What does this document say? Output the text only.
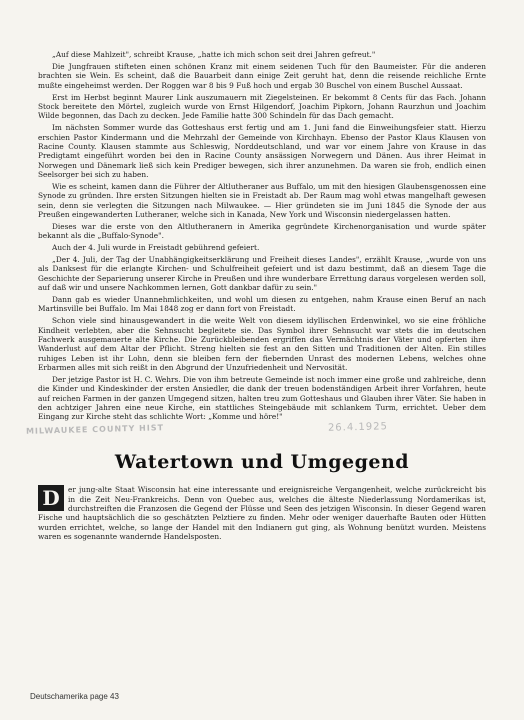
„Auf diese Mahlzeit", schreibt Krause, „hatte ich mich schon seit drei Jahren gefreut."

Die Jungfrauen stifteten einen schönen Kranz mit einem seidenen Tuch für den Baumeister. Für die anderen brachten sie Wein. Es scheint, daß die Bauarbeit dann einige Zeit geruht hat, denn die reisende reichliche Ernte mußte eingeheimst werden. Der Roggen war 8 bis 9 Fuß hoch und ergab 30 Buschel von einem Buschel Aussaat.

Erst im Herbst beginnt Maurer Link auszumauern mit Ziegelsteinen. Er bekommt 8 Cents für das Fach. Johann Stock bereitete den Mörtel, zugleich wurde von Ernst Hilgendorf, Joachim Pipkorn, Johann Raurzhun und Joachim Wilde begonnen, das Dach zu decken. Jede Familie hatte 300 Schindeln für das Dach gemacht.

Im nächsten Sommer wurde das Gotteshaus erst fertig und am 1. Juni fand die Einweihungsfeier statt. Hierzu erschien Pastor Kindermann und die Mehrzahl der Gemeinde von Kirchhayn. Ebenso der Pastor Klaus Klausen von Racine County. Klausen stammte aus Schleswig, Norddeutschland, und war vor einem Jahre von Krause in das Predigtamt eingeführt worden bei den in Racine County ansässigen Norwegern und Dänen. Aus ihrer Heimat in Norwegen und Dänemark ließ sich kein Prediger bewegen, sich ihrer anzunehmen. Da waren sie froh, endlich einen Seelsorger bei sich zu haben.

Wie es scheint, kamen dann die Führer der Altlutheraner aus Buffalo, um mit den hiesigen Glaubensgenossen eine Synode zu gründen. Ihre ersten Sitzungen hielten sie in Freistadt ab. Der Raum mag wohl etwas mangelhaft gewesen sein, denn sie verlegten die Sitzungen nach Milwaukee. — Hier gründeten sie im Juni 1845 die Synode der aus Preußen eingewanderten Lutheraner, welche sich in Kanada, New York und Wisconsin niedergelassen hatten.

Dieses war die erste von den Altlutheranern in Amerika gegründete Kirchenorganisation und wurde später bekannt als die „Buffalo-Synode".

Auch der 4. Juli wurde in Freistadt gebührend gefeiert.

„Der 4. Juli, der Tag der Unabhängigkeitserklärung und Freiheit dieses Landes", erzählt Krause, „wurde von uns als Danksest für die erlangte Kirchen- und Schulfreiheit gefeiert und ist dazu bestimmt, daß an diesem Tage die Geschichte der Separierung unserer Kirche in Preußen und ihre wunderbare Errettung daraus vorgelesen werden soll, auf daß wir und unsere Nachkommen lernen, Gott dankbar dafür zu sein."

Dann gab es wieder Unannehmlichkeiten, und wohl um diesen zu entgehen, nahm Krause einen Beruf an nach Martinsville bei Buffalo. Im Mai 1848 zog er dann fort von Freistadt.

Schon viele sind hinausgewandert in die weite Welt von diesem idyllischen Erdenwinkel, wo sie eine fröhliche Kindheit verlebten, aber die Sehnsucht begleitete sie. Das Symbol ihrer Sehnsucht war stets die im deutschen Fachwerk ausgemauerte alte Kirche. Die Zurückbleibenden ergriffen das Vermächtnis der Väter und opferten ihre Wanderlust auf dem Altar der Pflicht. Streng hielten sie fest an den Sitten und Traditionen der Alten. Ein stilles ruhiges Leben ist ihr Lohn, denn sie bleiben fern der fiebernden Unrast des modernen Lebens, welches ohne Erbarmen alles mit sich reißt in den Abgrund der Unzufriedenheit und Nervosität.

Der jetzige Pastor ist H. C. Wehrs. Die von ihm betreute Gemeinde ist noch immer eine große und zahlreiche, denn die Kinder und Kindeskinder der ersten Ansiedler, die dank der treuen bodenständigen Arbeit ihrer Vorfahren, heute auf reichen Farmen in der ganzen Umgegend sitzen, halten treu zum Gotteshaus und Glauben ihrer Väter. Sie haben in den achtziger Jahren eine neue Kirche, ein stattliches Steingebäude mit schlankem Turm, errichtet. Ueber dem Eingang zur Kirche steht das schlichte Wort: „Komme und höre!"

MILWAUKEE COUNTY HIST	26.4.1925
Watertown und Umgegend

D	er jung-alte Staat Wisconsin hat eine interessante und ereignisreiche Vergangenheit, welche zurückreicht bis in die Zeit Neu-Frankreichs. Denn von Quebec aus, welches die älteste Niederlassung Nordamerikas ist, durchstreiften die Franzosen die Gegend der Flüsse und Seen des jetzigen Wisconsin. In dieser Gegend waren Fische und hauptsächlich die so geschätzten Pelztiere zu finden. Mehr oder weniger dauerhafte Bauten oder Hütten wurden errichtet, welche, so lange der Handel mit den Indianern gut ging, als Wohnung benützt wurden. Meistens waren es sogenannte wandernde Handelsposten.

Deutschamerika page 43
